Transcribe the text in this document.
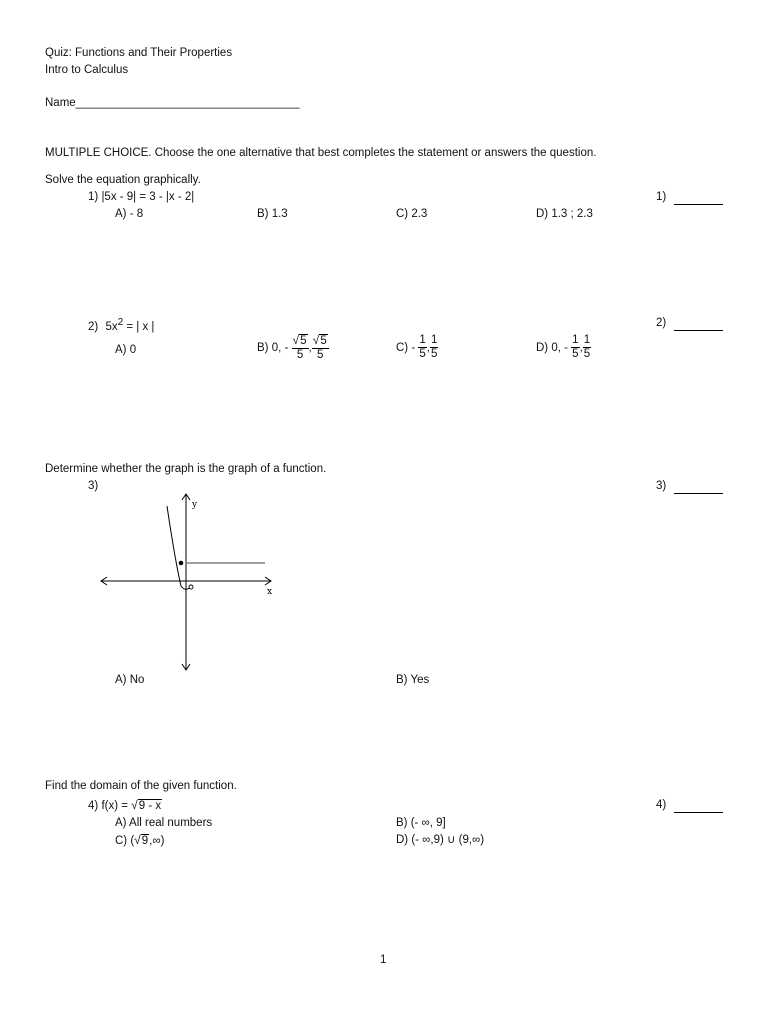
Quiz: Functions and Their Properties
Intro to Calculus
Name___________________________________
MULTIPLE CHOICE. Choose the one alternative that best completes the statement or answers the question.
Solve the equation graphically.
1) |5x - 9| = 3 - |x - 2|	1)
A) - 8	B) 1.3	C) 2.3	D) 1.3 ; 2.3
2) $5x^2$ = | x |	2)
A) 0	B) 0, - $\frac{√5}{5}$ , $\frac{√5}{5}$	$C) - \frac{1}{5}$ , $\frac{1}{5}$	D) 0, - $\frac{1}{5}$ , $\frac{1}{5}$
Determine whether the graph is the graph of a function.
3)	3)
y
x
A) No	B) Yes
Find the domain of the given function.
4) f(x) = √9 - x	4)
A) All real numbers	B) (- ∞, 9]
C) (√9,∞)	D) (- ∞,9) ∪ (9,∞)
1
